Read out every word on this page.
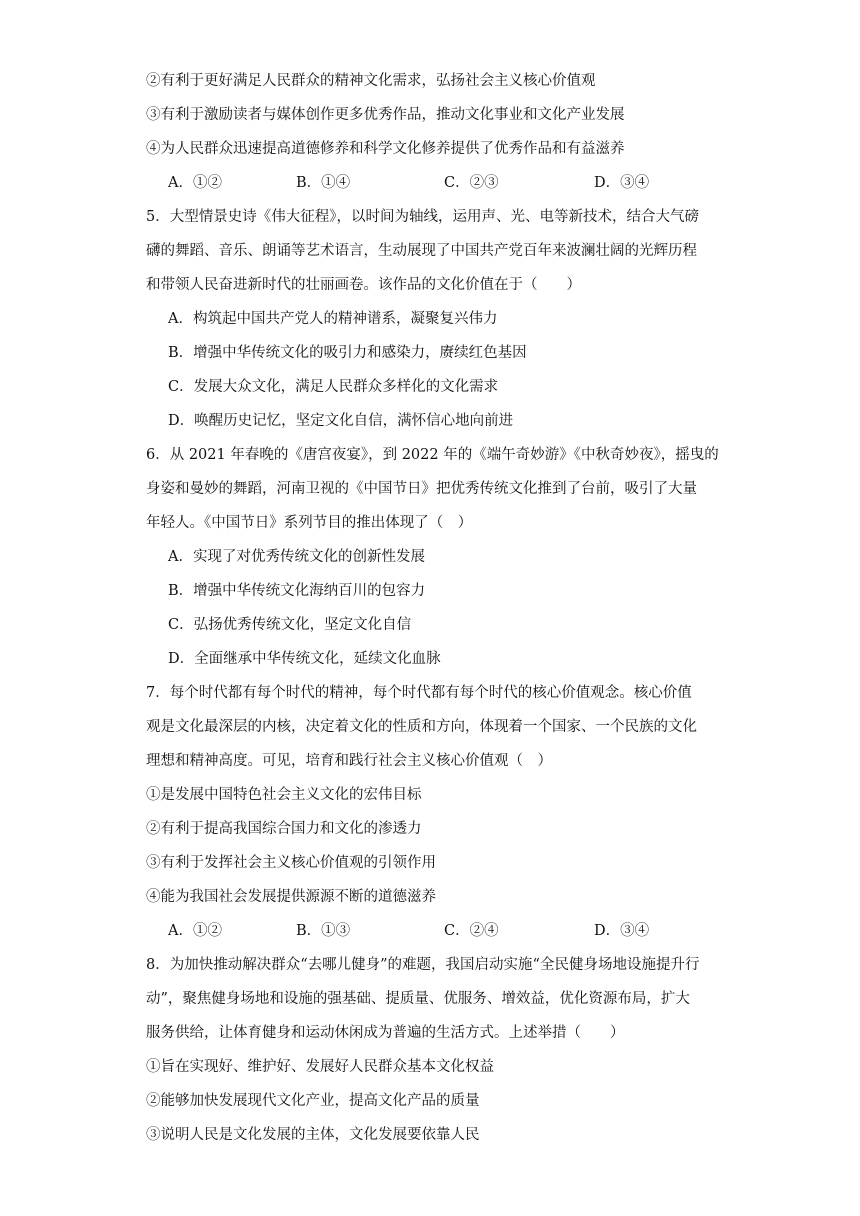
②有利于更好满足人民群众的精神文化需求，弘扬社会主义核心价值观
③有利于激励读者与媒体创作更多优秀作品，推动文化事业和文化产业发展
④为人民群众迅速提高道德修养和科学文化修养提供了优秀作品和有益滋养
A．①②	B．①④	C．②③	D．③④
5．大型情景史诗《伟大征程》，以时间为轴线，运用声、光、电等新技术，结合大气磅
礴的舞蹈、音乐、朗诵等艺术语言，生动展现了中国共产党百年来波澜壮阔的光辉历程
和带领人民奋进新时代的壮丽画卷。该作品的文化价值在于（　　）
A．构筑起中国共产党人的精神谱系，凝聚复兴伟力
B．增强中华传统文化的吸引力和感染力，赓续红色基因
C．发展大众文化，满足人民群众多样化的文化需求
D．唤醒历史记忆，坚定文化自信，满怀信心地向前进
6．从 2021 年春晚的《唐宫夜宴》，到 2022 年的《端午奇妙游》《中秋奇妙夜》，摇曳的
身姿和曼妙的舞蹈，河南卫视的《中国节日》把优秀传统文化推到了台前，吸引了大量
年轻人。《中国节日》系列节目的推出体现了（　）
A．实现了对优秀传统文化的创新性发展
B．增强中华传统文化海纳百川的包容力
C．弘扬优秀传统文化，坚定文化自信
D．全面继承中华传统文化，延续文化血脉
7．每个时代都有每个时代的精神，每个时代都有每个时代的核心价值观念。核心价值
观是文化最深层的内核，决定着文化的性质和方向，体现着一个国家、一个民族的文化
理想和精神高度。可见，培育和践行社会主义核心价值观（　）
①是发展中国特色社会主义文化的宏伟目标
②有利于提高我国综合国力和文化的渗透力
③有利于发挥社会主义核心价值观的引领作用
④能为我国社会发展提供源源不断的道德滋养
A．①②	B．①③	C．②④	D．③④
8．为加快推动解决群众“去哪儿健身”的难题，我国启动实施“全民健身场地设施提升行
动”，聚焦健身场地和设施的强基础、提质量、优服务、增效益，优化资源布局，扩大
服务供给，让体育健身和运动休闲成为普遍的生活方式。上述举措（　　）
①旨在实现好、维护好、发展好人民群众基本文化权益
②能够加快发展现代文化产业，提高文化产品的质量
③说明人民是文化发展的主体，文化发展要依靠人民
